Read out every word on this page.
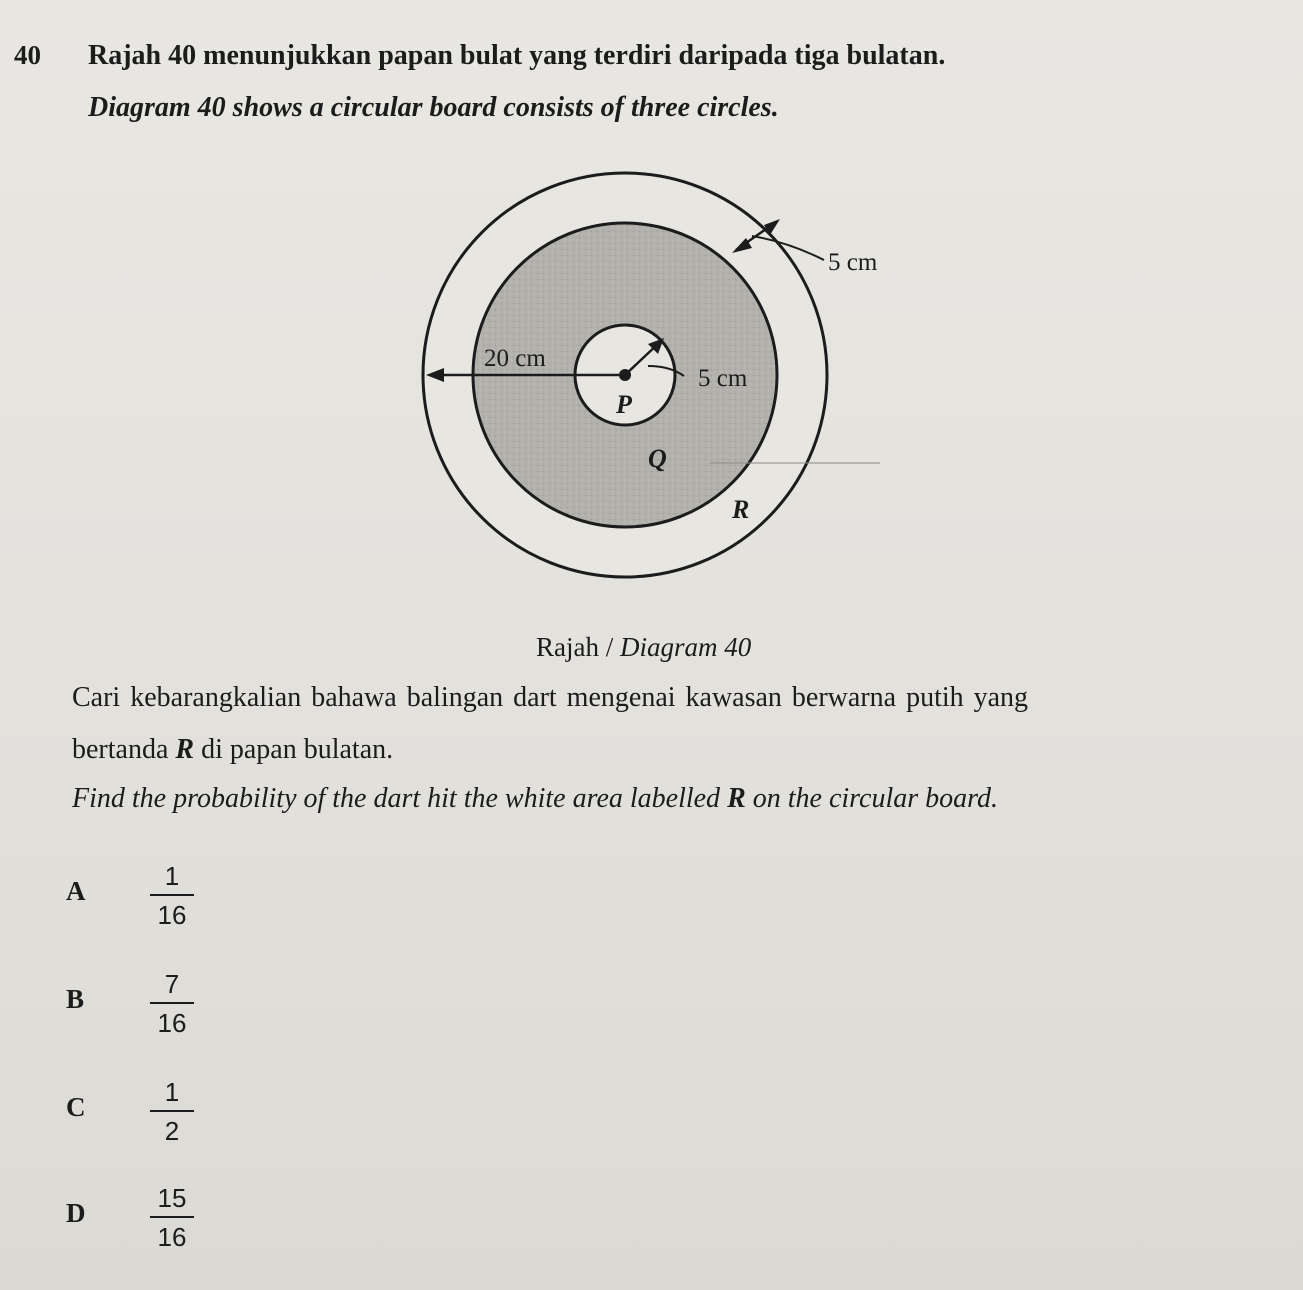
40 Rajah 40 menunjukkan papan bulat yang terdiri daripada tiga bulatan.
Diagram 40 shows a circular board consists of three circles.
5 cm
20 cm
5 cm
P
Q
R
Rajah / Diagram 40
Cari kebarangkalian bahawa balingan dart mengenai kawasan berwarna putih yang
bertanda R di papan bulatan.
Find the probability of the dart hit the white area labelled R on the circular board.
A	1
16
B	7
16
C	1
2
D	15
16
